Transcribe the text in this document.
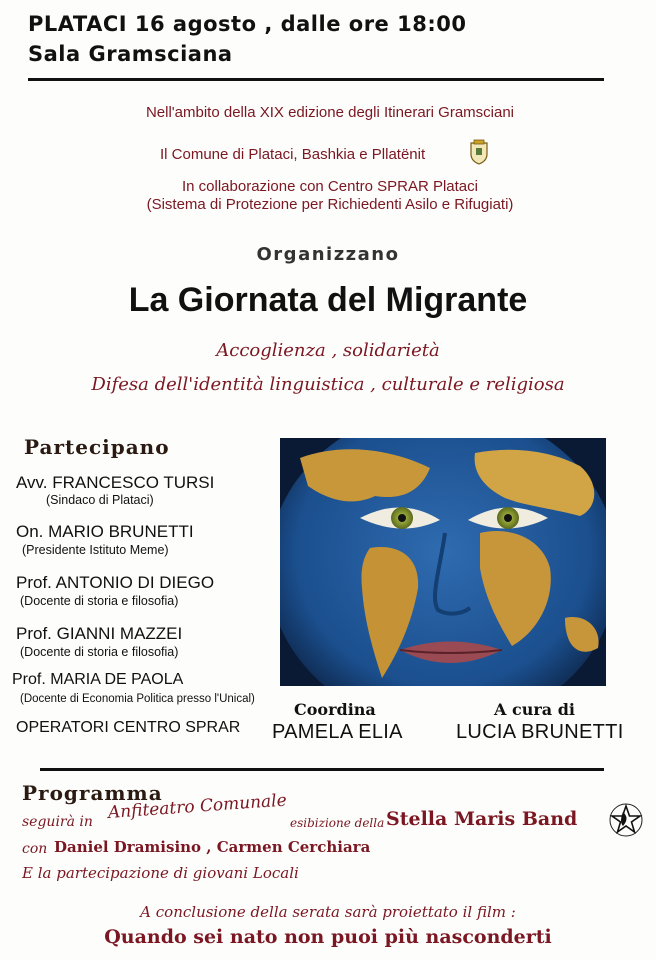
PLATACI 16 agosto , dalle ore 18:00
Sala Gramsciana
Nell'ambito della XIX edizione degli Itinerari Gramsciani
Il Comune di Plataci, Bashkia e Pllatënit
In collaborazione con Centro SPRAR Plataci
(Sistema di Protezione per Richiedenti Asilo e Rifugiati)
Organizzano
La Giornata del Migrante
Accoglienza , solidarietà
Difesa dell'identità linguistica , culturale e religiosa
Partecipano
Avv. FRANCESCO TURSI
(Sindaco di Plataci)
On. MARIO BRUNETTI
(Presidente Istituto Meme)
Prof. ANTONIO DI DIEGO
(Docente di storia e filosofia)
Prof. GIANNI MAZZEI
(Docente di storia e filosofia)
Prof. MARIA DE PAOLA
(Docente di Economia Politica presso l'Unical)
OPERATORI CENTRO SPRAR
Coordina
PAMELA ELIA
A cura di
LUCIA BRUNETTI
Programma
seguirà in Anfiteatro Comunale
esibizione della Stella Maris Band
con Daniel Dramisino , Carmen Cerchiara
E la partecipazione di giovani Locali
A conclusione della serata sarà proiettato il film :
Quando sei nato non puoi più nasconderti
